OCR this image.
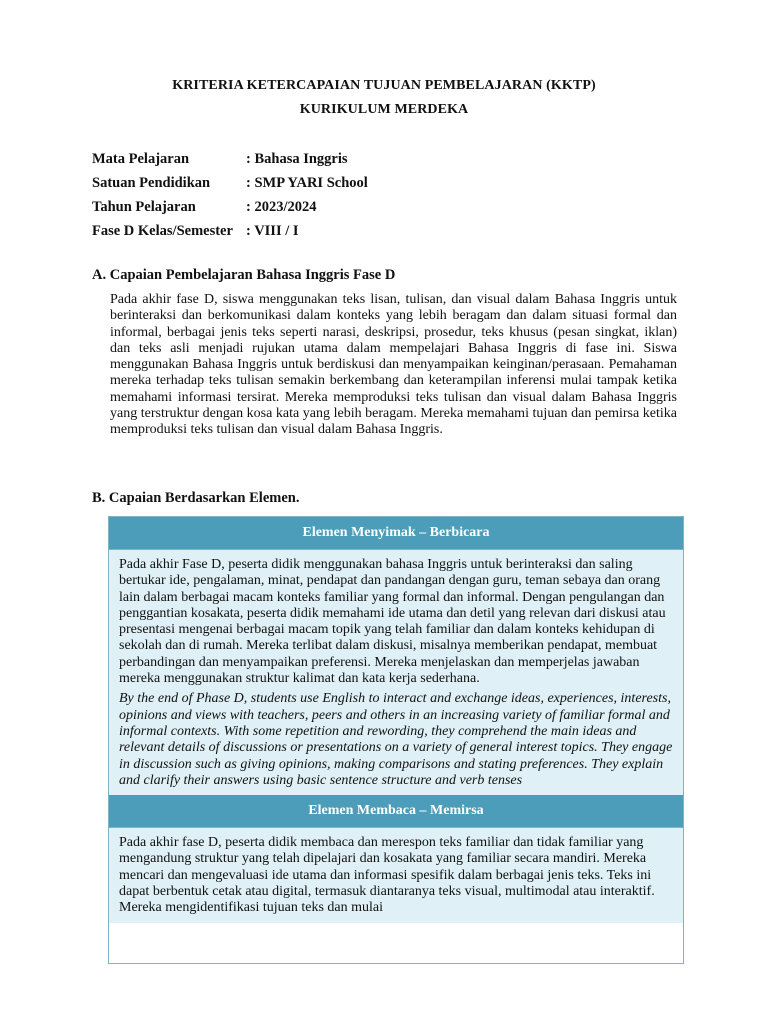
KRITERIA KETERCAPAIAN TUJUAN PEMBELAJARAN (KKTP)
KURIKULUM MERDEKA
Mata Pelajaran	: Bahasa Inggris
Satuan Pendidikan	: SMP YARI School
Tahun Pelajaran	: 2023/2024
Fase D Kelas/Semester : VIII / I
A. Capaian Pembelajaran Bahasa Inggris Fase D

Pada akhir fase D, siswa menggunakan teks lisan, tulisan, dan visual dalam Bahasa Inggris untuk berinteraksi dan berkomunikasi dalam konteks yang lebih beragam dan dalam situasi formal dan informal, berbagai jenis teks seperti narasi, deskripsi, prosedur, teks khusus (pesan singkat, iklan) dan teks asli menjadi rujukan utama dalam mempelajari Bahasa Inggris di fase ini. Siswa menggunakan Bahasa Inggris untuk berdiskusi dan menyampaikan keinginan/perasaan. Pemahaman mereka terhadap teks tulisan semakin berkembang dan keterampilan inferensi mulai tampak ketika memahami informasi tersirat. Mereka memproduksi teks tulisan dan visual dalam Bahasa Inggris yang terstruktur dengan kosa kata yang lebih beragam. Mereka memahami tujuan dan pemirsa ketika memproduksi teks tulisan dan visual dalam Bahasa Inggris.

B. Capaian Berdasarkan Elemen.
Elemen Menyimak – Berbicara

Pada akhir Fase D, peserta didik menggunakan bahasa Inggris untuk berinteraksi dan saling bertukar ide, pengalaman, minat, pendapat dan pandangan dengan guru, teman sebaya dan orang lain dalam berbagai macam konteks familiar yang formal dan informal. Dengan pengulangan dan penggantian kosakata, peserta didik memahami ide utama dan detil yang relevan dari diskusi atau presentasi mengenai berbagai macam topik yang telah familiar dan dalam konteks kehidupan di sekolah dan di rumah. Mereka terlibat dalam diskusi, misalnya memberikan pendapat, membuat perbandingan dan menyampaikan preferensi. Mereka menjelaskan dan memperjelas jawaban mereka menggunakan struktur kalimat dan kata kerja sederhana.

By the end of Phase D, students use English to interact and exchange ideas, experiences, interests, opinions and views with teachers, peers and others in an increasing variety of familiar formal and informal contexts. With some repetition and rewording, they comprehend the main ideas and relevant details of discussions or presentations on a variety of general interest topics. They engage in discussion such as giving opinions, making comparisons and stating preferences. They explain and clarify their answers using basic sentence structure and verb tenses

Elemen Membaca – Memirsa

Pada akhir fase D, peserta didik membaca dan merespon teks familiar dan tidak familiar yang mengandung struktur yang telah dipelajari dan kosakata yang familiar secara mandiri. Mereka mencari dan mengevaluasi ide utama dan informasi spesifik dalam berbagai jenis teks. Teks ini dapat berbentuk cetak atau digital, termasuk diantaranya teks visual, multimodal atau interaktif. Mereka mengidentifikasi tujuan teks dan mulai
